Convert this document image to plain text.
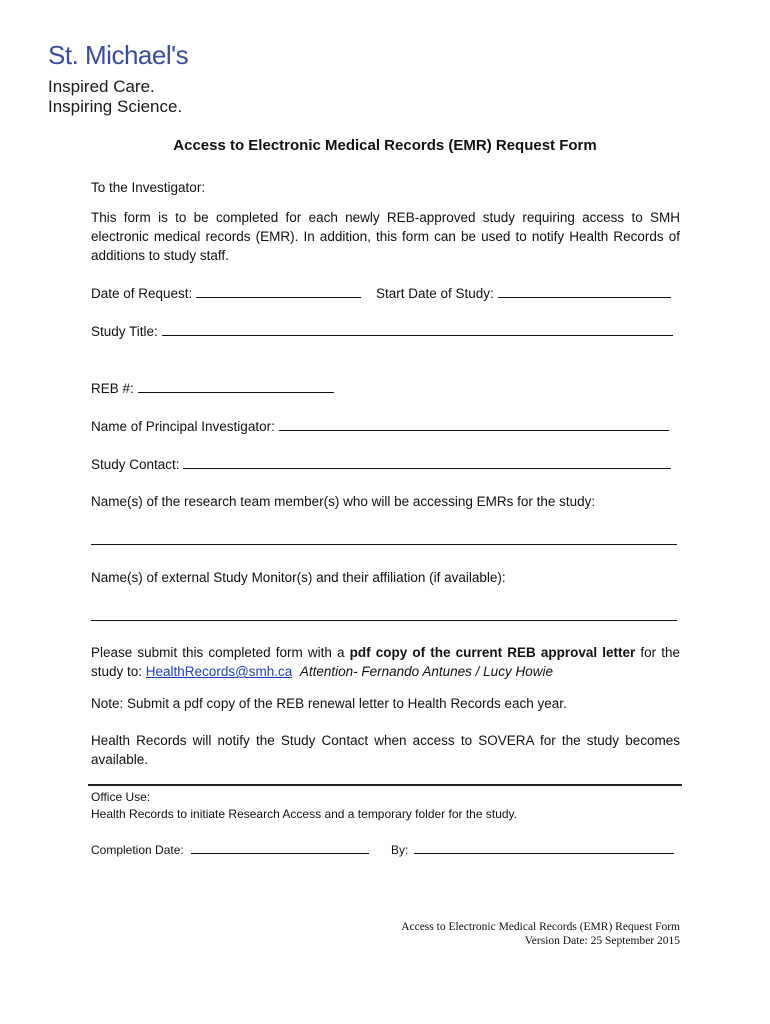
St. Michael's
Inspired Care.
Inspiring Science.
Access to Electronic Medical Records (EMR) Request Form
To the Investigator:
This form is to be completed for each newly REB-approved study requiring access to SMH electronic medical records (EMR). In addition, this form can be used to notify Health Records of additions to study staff.
Date of Request:	Start Date of Study:
Study Title:
REB #:
Name of Principal Investigator:
Study Contact:
Name(s) of the research team member(s) who will be accessing EMRs for the study:
Name(s) of external Study Monitor(s) and their affiliation (if available):
Please submit this completed form with a pdf copy of the current REB approval letter for the study to: HealthRecords@smh.ca Attention- Fernando Antunes / Lucy Howie
Note: Submit a pdf copy of the REB renewal letter to Health Records each year.
Health Records will notify the Study Contact when access to SOVERA for the study becomes available.
Office Use:
Health Records to initiate Research Access and a temporary folder for the study.
Completion Date:	By:
Access to Electronic Medical Records (EMR) Request Form
Version Date: 25 September 2015
